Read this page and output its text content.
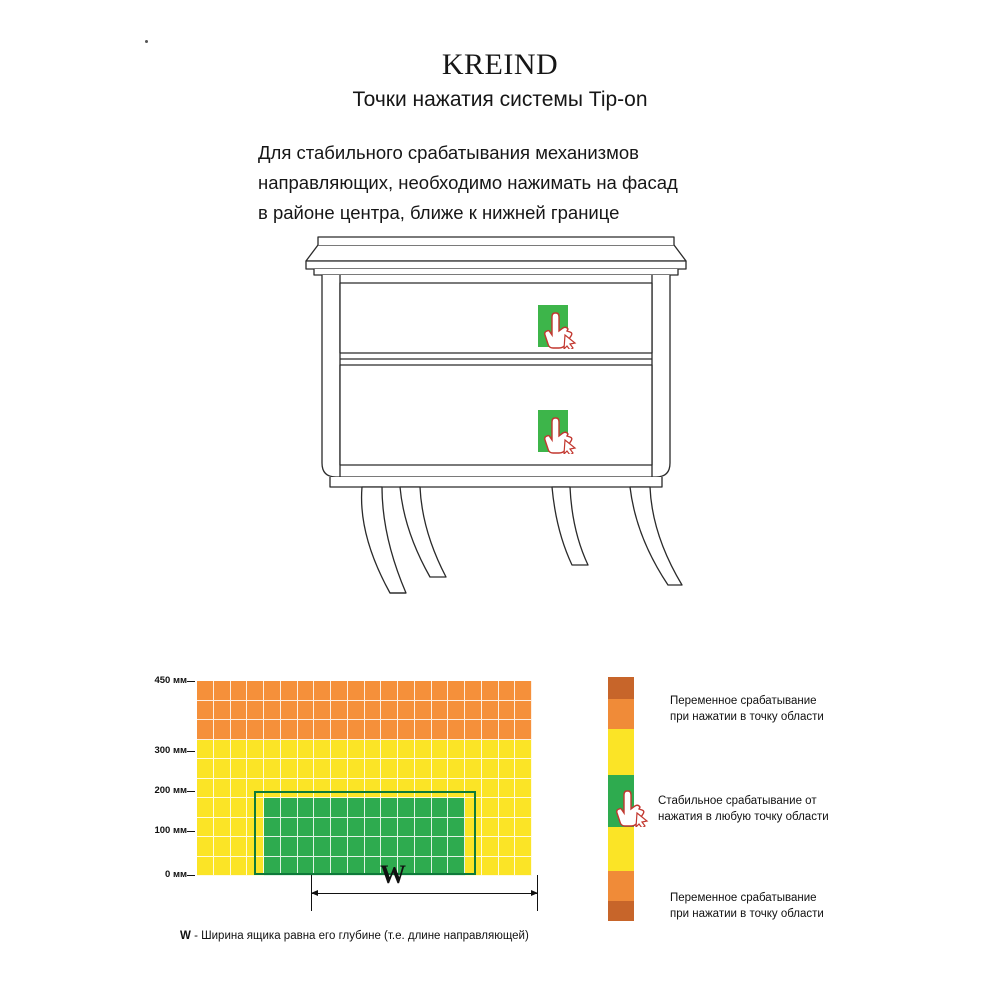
KREIND
Точки нажатия системы Tip-on
Для стабильного срабатывания механизмов
направляющих, необходимо нажимать на фасад
в районе центра, ближе к нижней границе
450 мм
300 мм
200 мм
100 мм
0 мм	W
W - Ширина ящика равна его глубине (т.е. длине направляющей)
Переменное срабатывание
при нажатии в точку области
Стабильное срабатывание от
нажатия в любую точку области
Переменное срабатывание
при нажатии в точку области
